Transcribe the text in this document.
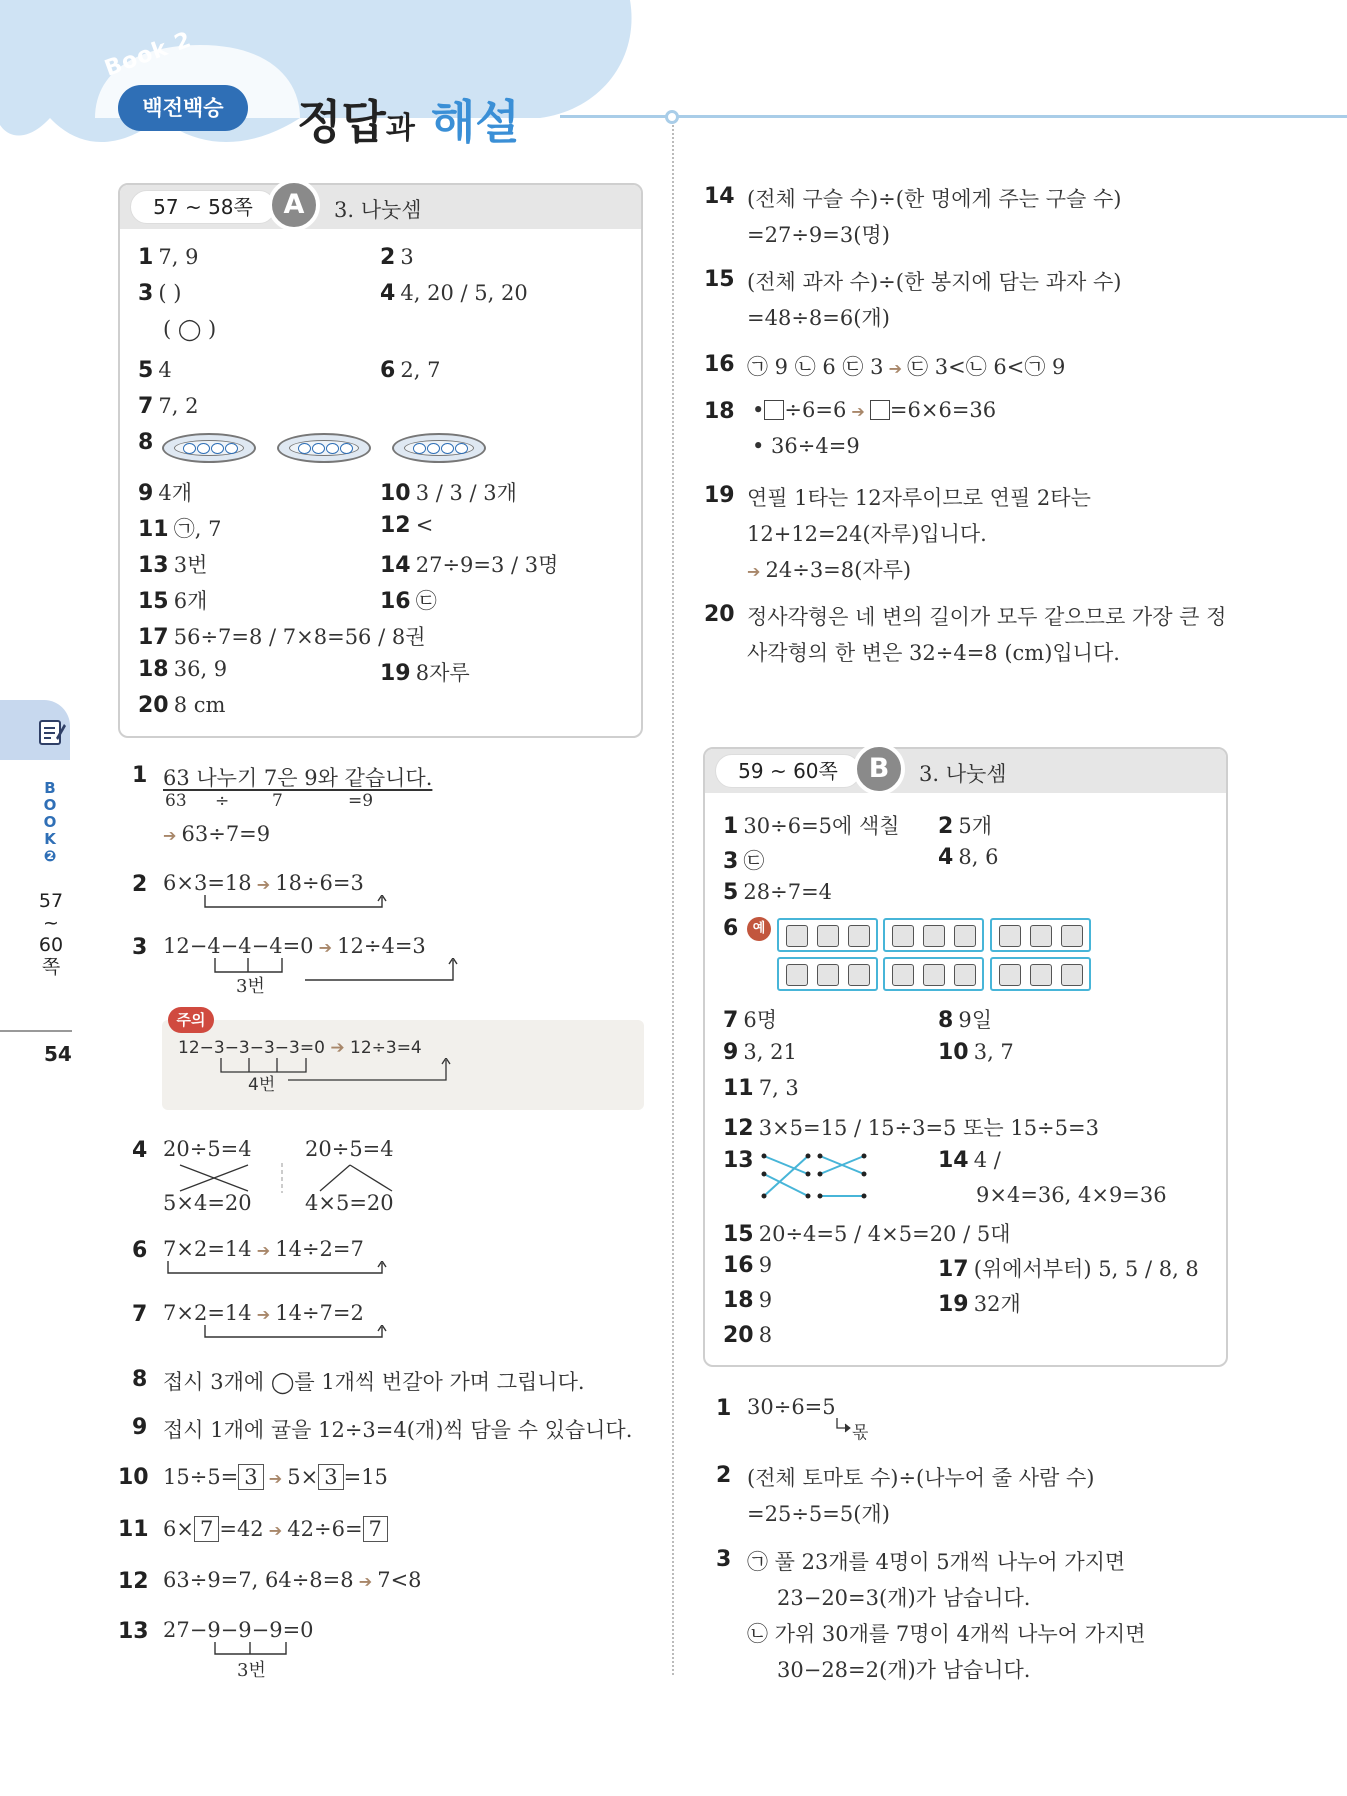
Book 2
백전백승	정답과 해설
B
O
O
K
❷
57
~
60
쪽
54
57 ~ 58쪽	A	3. 나눗셈
1 7, 9	2 3
3 ( )
( ◯ )
4 4, 20 / 5, 20
5 4	6 2, 7
7 7, 2
8
9 4개	10 3 / 3 / 3개
11 ㉠, 7	12 <
13 3번	14 27÷9=3 / 3명
15 6개	16 ㉢
17 56÷7=8 / 7×8=56 / 8권
18 36, 9	19 8자루
20 8 cm
1 63 나누기 7은 9와 같습니다.
63 ÷	7	=9
➔ 63÷7=9
2 6×3=18 ➔ 18÷6=3
3 12−4−4−4=0 ➔ 12÷4=3
3번
주의
12−3−3−3−3=0 ➔ 12÷3=4
4번
4 20÷5=4
5×4=20
20÷5=4
4×5=20
6 7×2=14 ➔ 14÷2=7
7 7×2=14 ➔ 14÷7=2
8 접시 3개에 ◯를 1개씩 번갈아 가며 그립니다.
9 접시 1개에 귤을 12÷3=4(개)씩 담을 수 있습니다.
10 15÷5= 3 ➔ 5× 3 =15
11 6× 7 =42 ➔ 42÷6= 7
12 63÷9=7, 64÷8=8 ➔ 7<8
13 27−9−9−9=0
3번
14 (전체 구슬 수)÷(한 명에게 주는 구슬 수)
=27÷9=3(명)
15 (전체 과자 수)÷(한 봉지에 담는 과자 수)
=48÷8=6(개)
16 ㉠ 9 ㉡ 6 ㉢ 3 ➔ ㉢ 3<㉡ 6<㉠ 9
18 • ÷6=6 ➔ =6×6=36
• 36÷4=9
19 연필 1타는 12자루이므로 연필 2타는
12+12=24(자루)입니다.
➔ 24÷3=8(자루)
20 정사각형은 네 변의 길이가 모두 같으므로 가장 큰 정
사각형의 한 변은 32÷4=8 (cm)입니다.
59 ~ 60쪽	B	3. 나눗셈
1 30÷6=5에 색칠 2 5개
3 ㉢	4 8, 6
5 28÷7=4
6	예
7 6명	8 9일
9 3, 21	10 3, 7
11 7, 3
12 3×5=15 / 15÷3=5 또는 15÷5=3
13	14 4 /
9×4=36, 4×9=36
15 20÷4=5 / 4×5=20 / 5대
16 9	17 (위에서부터) 5, 5 / 8, 8
18 9	19 32개
20 8
1 30÷6=5
몫
2 (전체 토마토 수)÷(나누어 줄 사람 수)
=25÷5=5(개)
3 ㉠ 풀 23개를 4명이 5개씩 나누어 가지면
23−20=3(개)가 남습니다.
㉡ 가위 30개를 7명이 4개씩 나누어 가지면
30−28=2(개)가 남습니다.
